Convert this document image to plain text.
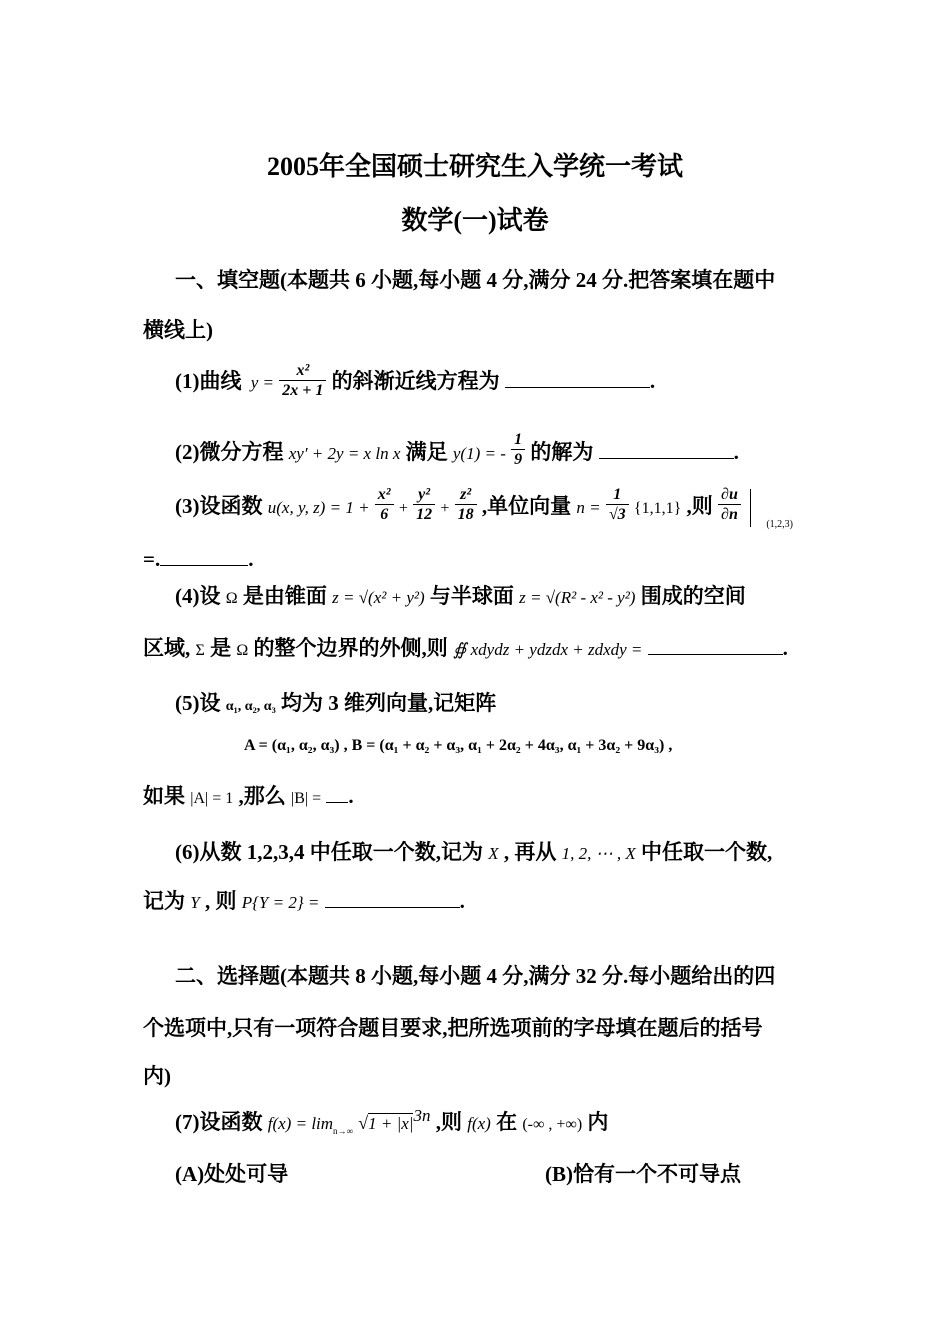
2005年全国硕士研究生入学统一考试
数学(一)试卷
一、填空题(本题共 6 小题,每小题 4 分,满分 24 分.把答案填在题中
横线上)
(1)曲线 $y = \frac{\text{x²}}{2x + 1}$ 的斜渐近线方程为	.
(2)微分方程 xy′ + 2y = x ln x 满足 y(1) = - $\frac{1}{9}$ 的解为	.
(3)设函数 u(x, y, $z) = 1 + \frac{\text{x²}}{6} + \frac{\text{y²}}{12} + \frac{\text{z²}}{18}$ ,单位向量 $n = \frac{1}{√3} \{1,1,1\}$ ,则 $\frac{\partial u}{\partial n}$
$_{(1,2,3)}$
=.	.
(4)设 Ω 是由锥面 z = √(x² + y²) 与半球面 z = √(R² - x² - y²) 围成的空间
区域, Σ 是 Ω 的整个边界的外侧,则 ∯ xdydz + ydzdx + zdxdy =	.
(5)设 α₁, α₂, α₃ 均为 3 维列向量,记矩阵
A = (α₁, α₂, α₃) , B = (α₁ + α₂ + α₃, α₁ + 2α₂ + 4α₃, α₁ + 3α₂ + 9α₃) ,
如果 |A| = 1 ,那么 |B| = .
(6)从数 1,2,3,4 中任取一个数,记为 X , 再从 1, 2, ⋯ , X 中任取一个数,
记为 Y , 则 P{Y = 2} =	.
二、选择题(本题共 8 小题,每小题 4 分,满分 32 分.每小题给出的四
个选项中,只有一项符合题目要求,把所选项前的字母填在题后的括号
内)
(7)设函数 $f(x) = \lim_{n\to\infty} √1 + |x|^{3n}$ ,则 f(x) 在 (-∞ , +∞) 内
(A)处处可导	(B)恰有一个不可导点
